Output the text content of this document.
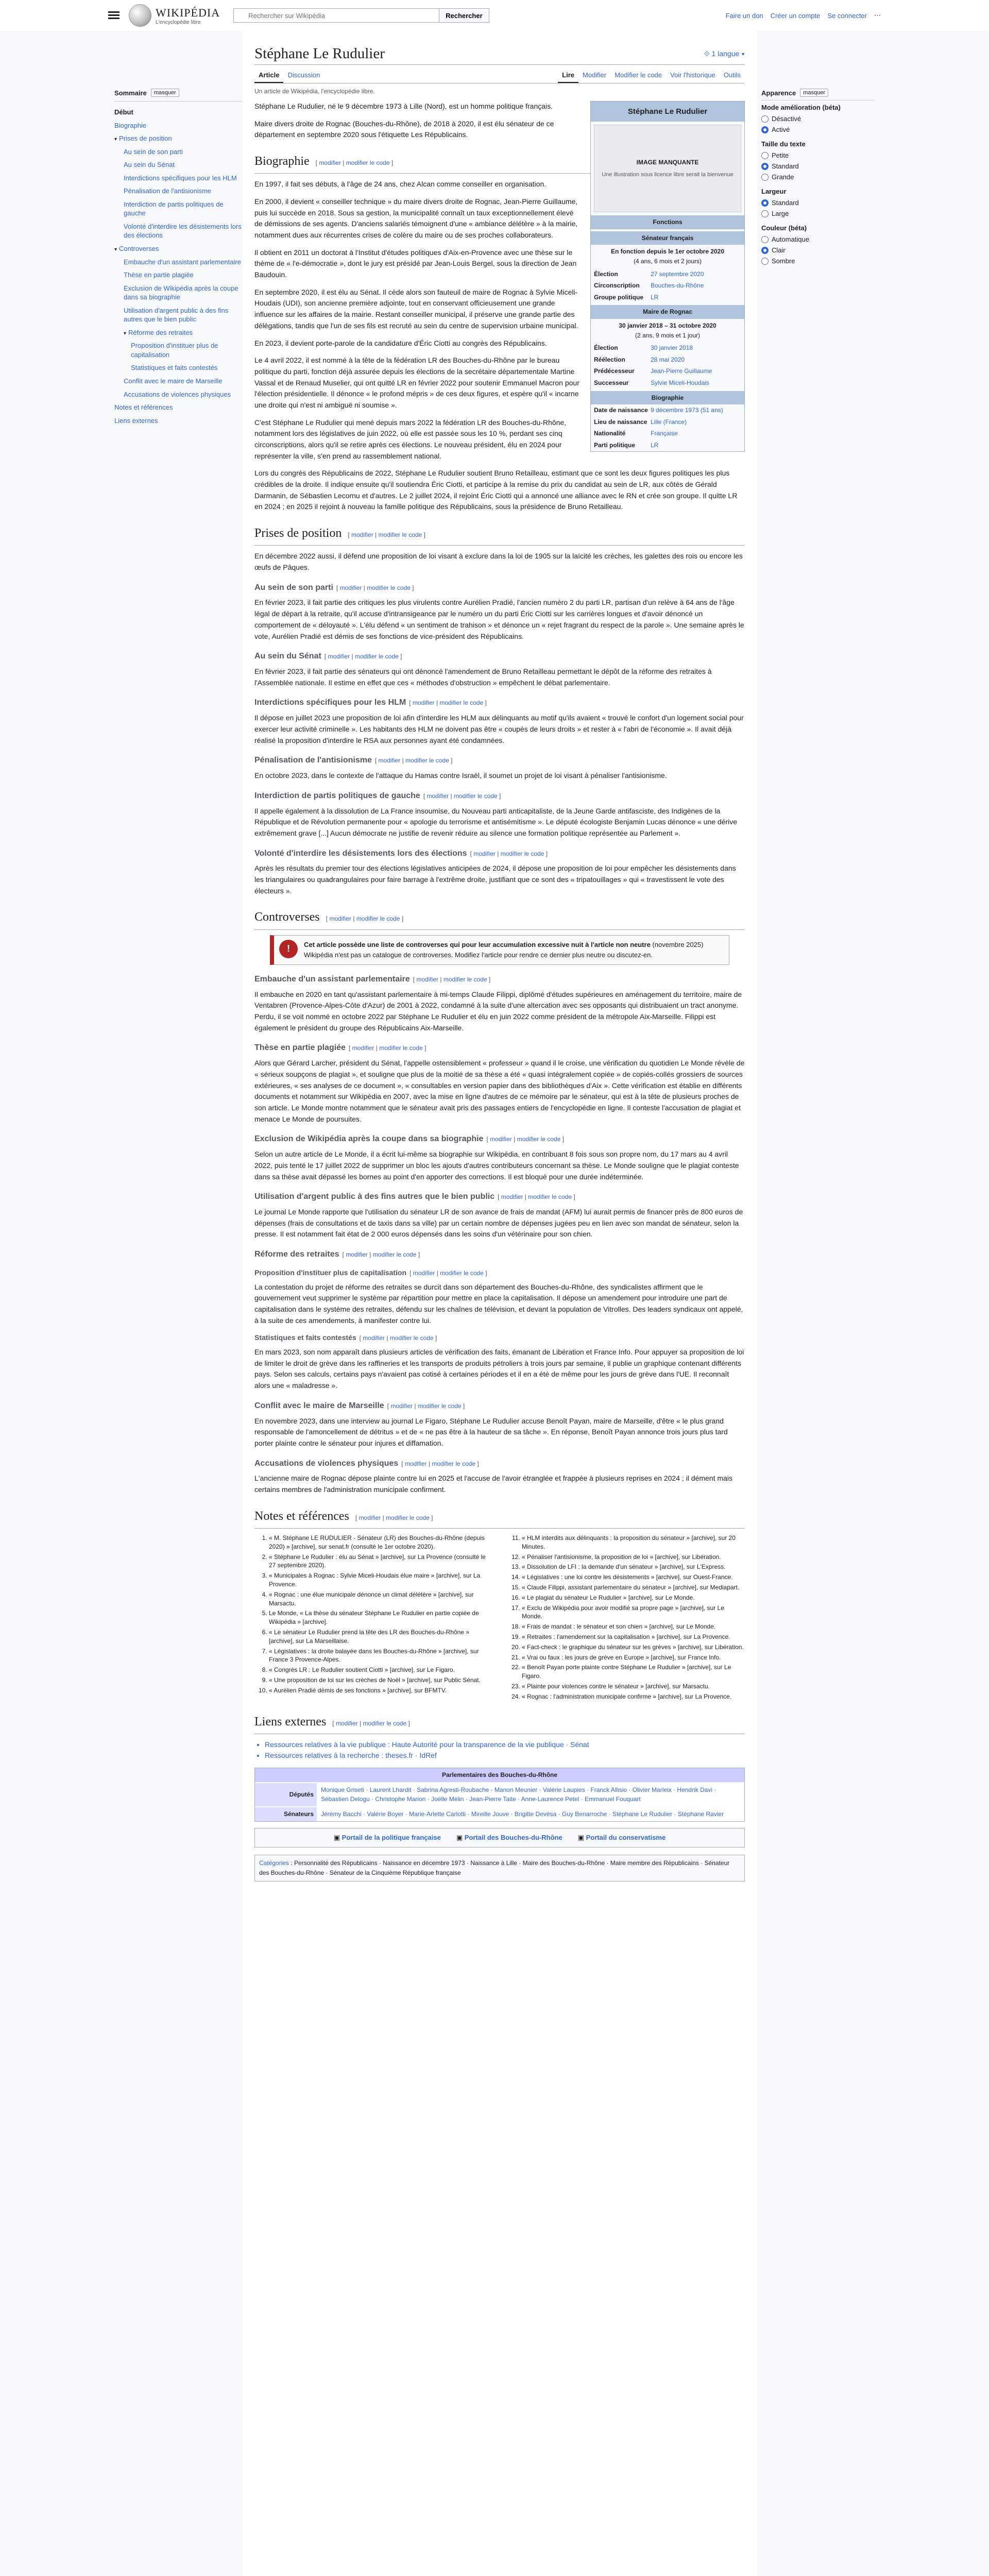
WIKIPÉDIA
L'encyclopédie libre
Rechercher sur Wikipédia
Rechercher	Faire un don Créer un compte Se connecter ⋯
Sommaire	masquer
Début
Biographie
▾ Prises de position
Au sein de son parti
Au sein du Sénat
Interdictions spécifiques pour les HLM
Pénalisation de l'antisionisme
Interdiction de partis politiques de gauche
Volonté d'interdire les désistements lors des élections
▾ Controverses
Embauche d'un assistant parlementaire
Thèse en partie plagiée
Exclusion de Wikipédia après la coupe dans sa biographie
Utilisation d'argent public à des fins autres que le bien public
▾ Réforme des retraites
Proposition d'instituer plus de capitalisation
Statistiques et faits contestés
Conflit avec le maire de Marseille
Accusations de violences physiques
Notes et références
Liens externes
Stéphane Le Rudulier	⟐ 1 langue ▾
Article	Discussion	Lire	Modifier	Modifier le code	Voir l'historique	Outils
Un article de Wikipédia, l'encyclopédie libre.
Stéphane Le Rudulier
IMAGE MANQUANTE
Une illustration sous licence libre serait la bienvenue
Fonctions
Sénateur français
En fonction depuis le 1er octobre 2020
(4 ans, 6 mois et 2 jours)
Élection	27 septembre 2020
Circonscription	Bouches-du-Rhône
Groupe politique	LR
Maire de Rognac
30 janvier 2018 – 31 octobre 2020
(2 ans, 9 mois et 1 jour)
Élection	30 janvier 2018
Réélection	28 mai 2020
Prédécesseur	Jean-Pierre Guillaume
Successeur	Sylvie Miceli-Houdais
Biographie
Date de naissance 9 décembre 1973 (51 ans)
Lieu de naissance Lille (France)
Nationalité	Française
Parti politique	LR

Stéphane Le Rudulier, né le 9 décembre 1973 à Lille (Nord), est un homme politique français.

Maire divers droite de Rognac (Bouches-du-Rhône), de 2018 à 2020, il est élu sénateur de ce département en septembre 2020 sous l'étiquette Les Républicains.

Biographie [ modifier | modifier le code ]

En 1997, il fait ses débuts, à l'âge de 24 ans, chez Alcan comme conseiller en organisation.

En 2000, il devient « conseiller technique » du maire divers droite de Rognac, Jean-Pierre Guillaume, puis lui succède en 2018. Sous sa gestion, la municipalité connaît un taux exceptionnellement élevé de démissions de ses agents. D'anciens salariés témoignent d'une « ambiance délétère » à la mairie, notamment dues aux récurrentes crises de colère du maire ou de ses proches collaborateurs.

Il obtient en 2011 un doctorat à l'Institut d'études politiques d'Aix-en-Provence avec une thèse sur le thème de « l'e-démocratie », dont le jury est présidé par Jean-Louis Bergel, sous la direction de Jean Baudouin.

En septembre 2020, il est élu au Sénat. Il cède alors son fauteuil de maire de Rognac à Sylvie Miceli-Houdais (UDI), son ancienne première adjointe, tout en conservant officieusement une grande influence sur les affaires de la mairie. Restant conseiller municipal, il préserve une grande partie des délégations, tandis que l'un de ses fils est recruté au sein du centre de supervision urbaine municipal.

En 2023, il devient porte-parole de la candidature d'Éric Ciotti au congrès des Républicains.

Le 4 avril 2022, il est nommé à la tête de la fédération LR des Bouches-du-Rhône par le bureau politique du parti, fonction déjà assurée depuis les élections de la secrétaire départementale Martine Vassal et de Renaud Muselier, qui ont quitté LR en février 2022 pour soutenir Emmanuel Macron pour l'élection présidentielle. Il dénonce « le profond mépris » de ces deux figures, et espère qu'il « incarne une droite qui n'est ni ambiguë ni soumise ».

C'est Stéphane Le Rudulier qui mené depuis mars 2022 la fédération LR des Bouches-du-Rhône, notamment lors des législatives de juin 2022, où elle est passée sous les 10 %, perdant ses cinq circonscriptions, alors qu'il se retire après ces élections. Le nouveau président, élu en 2024 pour représenter la ville, s'en prend au rassemblement national.

Lors du congrès des Républicains de 2022, Stéphane Le Rudulier soutient Bruno Retailleau, estimant que ce sont les deux figures politiques les plus crédibles de la droite. Il indique ensuite qu'il soutiendra Éric Ciotti, et participe à la remise du prix du candidat au sein de LR, aux côtés de Gérald Darmanin, de Sébastien Lecornu et d'autres. Le 2 juillet 2024, il rejoint Éric Ciotti qui a annoncé une alliance avec le RN et crée son groupe. Il quitte LR en 2024 ; en 2025 il rejoint à nouveau la famille politique des Républicains, sous la présidence de Bruno Retailleau.

Prises de position [ modifier | modifier le code ]

En décembre 2022 aussi, il défend une proposition de loi visant à exclure dans la loi de 1905 sur la laïcité les crèches, les galettes des rois ou encore les œufs de Pâques.

Au sein de son parti [ modifier | modifier le code ]

En février 2023, il fait partie des critiques les plus virulents contre Aurélien Pradié, l'ancien numéro 2 du parti LR, partisan d'un relève à 64 ans de l'âge légal de départ à la retraite, qu'il accuse d'intransigeance par le numéro un du parti Éric Ciotti sur les carrières longues et d'avoir dénoncé un comportement de « déloyauté ». L'élu défend « un sentiment de trahison » et dénonce un « rejet fragrant du respect de la parole ». Une semaine après le vote, Aurélien Pradié est démis de ses fonctions de vice-président des Républicains.

Au sein du Sénat [ modifier | modifier le code ]

En février 2023, il fait partie des sénateurs qui ont dénoncé l'amendement de Bruno Retailleau permettant le dépôt de la réforme des retraites à l'Assemblée nationale. Il estime en effet que ces « méthodes d'obstruction » empêchent le débat parlementaire.

Interdictions spécifiques pour les HLM [ modifier | modifier le code ]

Il dépose en juillet 2023 une proposition de loi afin d'interdire les HLM aux délinquants au motif qu'ils avaient « trouvé le confort d'un logement social pour exercer leur activité criminelle ». Les habitants des HLM ne doivent pas être « coupés de leurs droits » et rester à « l'abri de l'économie ». Il avait déjà réalisé la proposition d'interdire le RSA aux personnes ayant été condamnées.

Pénalisation de l'antisionisme [ modifier | modifier le code ]

En octobre 2023, dans le contexte de l'attaque du Hamas contre Israël, il soumet un projet de loi visant à pénaliser l'antisionisme.

Interdiction de partis politiques de gauche [ modifier | modifier le code ]

Il appelle également à la dissolution de La France insoumise, du Nouveau parti anticapitaliste, de la Jeune Garde antifasciste, des Indigènes de la République et de Révolution permanente pour « apologie du terrorisme et antisémitisme ». Le député écologiste Benjamin Lucas dénonce « une dérive extrêmement grave [...] Aucun démocrate ne justifie de revenir réduire au silence une formation politique représentée au Parlement ».

Volonté d'interdire les désistements lors des élections [ modifier | modifier le code ]

Après les résultats du premier tour des élections législatives anticipées de 2024, il dépose une proposition de loi pour empêcher les désistements dans les triangulaires ou quadrangulaires pour faire barrage à l'extrême droite, justifiant que ce sont des « tripatouillages » qui « travestissent le vote des électeurs ».

Controverses [ modifier | modifier le code ]
!	Cet article possède une liste de controverses qui pour leur accumulation excessive nuit à l'article non neutre (novembre 2025)
Wikipédia n'est pas un catalogue de controverses. Modifiez l'article pour rendre ce dernier plus neutre ou discutez-en.
Embauche d'un assistant parlementaire [ modifier | modifier le code ]

Il embauche en 2020 en tant qu'assistant parlementaire à mi-temps Claude Filippi, diplômé d'études supérieures en aménagement du territoire, maire de Ventabren (Provence-Alpes-Côte d'Azur) de 2001 à 2022, condamné à la suite d'une altercation avec ses opposants qui distribuaient un tract anonyme. Perdu, il se voit nommé en octobre 2022 par Stéphane Le Rudulier et élu en juin 2022 comme président de la métropole Aix-Marseille. Filippi est également le président du groupe des Républicains Aix-Marseille.

Thèse en partie plagiée [ modifier | modifier le code ]

Alors que Gérard Larcher, président du Sénat, l'appelle ostensiblement « professeur » quand il le croise, une vérification du quotidien Le Monde révèle de « sérieux soupçons de plagiat », et souligne que plus de la moitié de sa thèse a été « quasi intégralement copiée » de copiés-collés grossiers de sources extérieures, « ses analyses de ce document », « consultables en version papier dans des bibliothèques d'Aix ». Cette vérification est établie en différents documents et notamment sur Wikipédia en 2007, avec la mise en ligne d'autres de ce mémoire par le sénateur, qui est à la tête de plusieurs proches de son article. Le Monde montre notamment que le sénateur avait pris des passages entiers de l'encyclopédie en ligne. Il conteste l'accusation de plagiat et menace Le Monde de poursuites.

Exclusion de Wikipédia après la coupe dans sa biographie [ modifier | modifier le code ]

Selon un autre article de Le Monde, il a écrit lui-même sa biographie sur Wikipédia, en contribuant 8 fois sous son propre nom, du 17 mars au 4 avril 2022, puis tenté le 17 juillet 2022 de supprimer un bloc les ajouts d'autres contributeurs concernant sa thèse. Le Monde souligne que le plagiat conteste dans sa thèse avait dépassé les bornes au point d'en apporter des corrections. Il est bloqué pour une durée indéterminée.

Utilisation d'argent public à des fins autres que le bien public [ modifier | modifier le code ]

Le journal Le Monde rapporte que l'utilisation du sénateur LR de son avance de frais de mandat (AFM) lui aurait permis de financer près de 800 euros de dépenses (frais de consultations et de taxis dans sa ville) par un certain nombre de dépenses jugées peu en lien avec son mandat de sénateur, selon la presse. Il est notamment fait état de 2 000 euros dépensés dans les soins d'un vétérinaire pour son chien.

Réforme des retraites [ modifier | modifier le code ]
Proposition d'instituer plus de capitalisation [ modifier | modifier le code ]

La contestation du projet de réforme des retraites se durcit dans son département des Bouches-du-Rhône, des syndicalistes affirment que le gouvernement veut supprimer le système par répartition pour mettre en place la capitalisation. Il dépose un amendement pour introduire une part de capitalisation dans le système des retraites, défendu sur les chaînes de télévision, et devant la population de Vitrolles. Des leaders syndicaux ont appelé, à la suite de ces amendements, à manifester contre lui.

Statistiques et faits contestés [ modifier | modifier le code ]

En mars 2023, son nom apparaît dans plusieurs articles de vérification des faits, émanant de Libération et France Info. Pour appuyer sa proposition de loi de limiter le droit de grève dans les raffineries et les transports de produits pétroliers à trois jours par semaine, il publie un graphique contenant différents pays. Selon ses calculs, certains pays n'avaient pas cotisé à certaines périodes et il en a été de même pour les jours de grève dans l'UE. Il reconnaît alors une « maladresse ».

Conflit avec le maire de Marseille [ modifier | modifier le code ]

En novembre 2023, dans une interview au journal Le Figaro, Stéphane Le Rudulier accuse Benoît Payan, maire de Marseille, d'être « le plus grand responsable de l'amoncellement de détritus » et de « ne pas être à la hauteur de sa tâche ». En réponse, Benoît Payan annonce trois jours plus tard porter plainte contre le sénateur pour injures et diffamation.

Accusations de violences physiques [ modifier | modifier le code ]

L'ancienne maire de Rognac dépose plainte contre lui en 2025 et l'accuse de l'avoir étranglée et frappée à plusieurs reprises en 2024 ; il dément mais certains membres de l'administration municipale confirment.

Notes et références [ modifier | modifier le code ]
1. « M. Stéphane LE RUDULIER - Sénateur (LR) des Bouches-du-Rhône (depuis 2020) » [archive], sur senat.fr (consulté le 1er octobre 2020).
2. « Stéphane Le Rudulier : élu au Sénat » [archive], sur La Provence (consulté le 27 septembre 2020).
3. « Municipales à Rognac : Sylvie Miceli-Houdais élue maire » [archive], sur La Provence.
4. « Rognac : une élue municipale dénonce un climat délétère » [archive], sur Marsactu.
5. Le Monde, « La thèse du sénateur Stéphane Le Rudulier en partie copiée de Wikipédia » [archive].
6. « Le sénateur Le Rudulier prend la tête des LR des Bouches-du-Rhône » [archive], sur La Marseillaise.
7. « Législatives : la droite balayée dans les Bouches-du-Rhône » [archive], sur France 3 Provence-Alpes.
8. « Congrès LR : Le Rudulier soutient Ciotti » [archive], sur Le Figaro.
9. « Une proposition de loi sur les crèches de Noël » [archive], sur Public Sénat.
10. « Aurélien Pradié démis de ses fonctions » [archive], sur BFMTV.
11. « HLM interdits aux délinquants : la proposition du sénateur » [archive], sur 20 Minutes.
12. « Pénaliser l'antisionisme, la proposition de loi » [archive], sur Libération.
13. « Dissolution de LFI : la demande d'un sénateur » [archive], sur L'Express.
14. « Législatives : une loi contre les désistements » [archive], sur Ouest-France.
15. « Claude Filippi, assistant parlementaire du sénateur » [archive], sur Mediapart.
16. « Le plagiat du sénateur Le Rudulier » [archive], sur Le Monde.
17. « Exclu de Wikipédia pour avoir modifié sa propre page » [archive], sur Le Monde.
18. « Frais de mandat : le sénateur et son chien » [archive], sur Le Monde.
19. « Retraites : l'amendement sur la capitalisation » [archive], sur La Provence.
20. « Fact-check : le graphique du sénateur sur les grèves » [archive], sur Libération.
21. « Vrai ou faux : les jours de grève en Europe » [archive], sur France Info.
22. « Benoît Payan porte plainte contre Stéphane Le Rudulier » [archive], sur Le Figaro.
23. « Plainte pour violences contre le sénateur » [archive], sur Marsactu.
24. « Rognac : l'administration municipale confirme » [archive], sur La Provence.
Liens externes [ modifier | modifier le code ]
• Ressources relatives à la vie publique : Haute Autorité pour la transparence de la vie publique · Sénat
• Ressources relatives à la recherche : theses.fr · IdRef
Parlementaires des Bouches-du-Rhône
Députés
Monique Griseti · Laurent Lhardit · Sabrina Agresti-Roubache · Manon Meunier · Valérie Laupies · Franck Allisio · Olivier Marleix · Hendrik Davi · Sébastien Delogu · Christophe Marion · Joëlle Mélin · Jean-Pierre Taite · Anne-Laurence Petel · Emmanuel Fouquart
Sénateurs	Jérémy Bacchi · Valérie Boyer · Marie-Arlette Carlotti · Mireille Jouve · Brigitte Devésa · Guy Benarroche · Stéphane Le Rudulier · Stéphane Ravier
▣ Portail de la politique française ▣ Portail des Bouches-du-Rhône ▣ Portail du conservatisme
Catégories : Personnalité des Républicains · Naissance en décembre 1973 · Naissance à Lille · Maire des Bouches-du-Rhône · Maire membre des Républicains · Sénateur des Bouches-du-Rhône · Sénateur de la Cinquième République française
Apparence	masquer
Mode amélioration (béta)
Désactivé
Activé
Taille du texte
Petite
Standard
Grande
Largeur
Standard
Large
Couleur (béta)
Automatique
Clair
Sombre
